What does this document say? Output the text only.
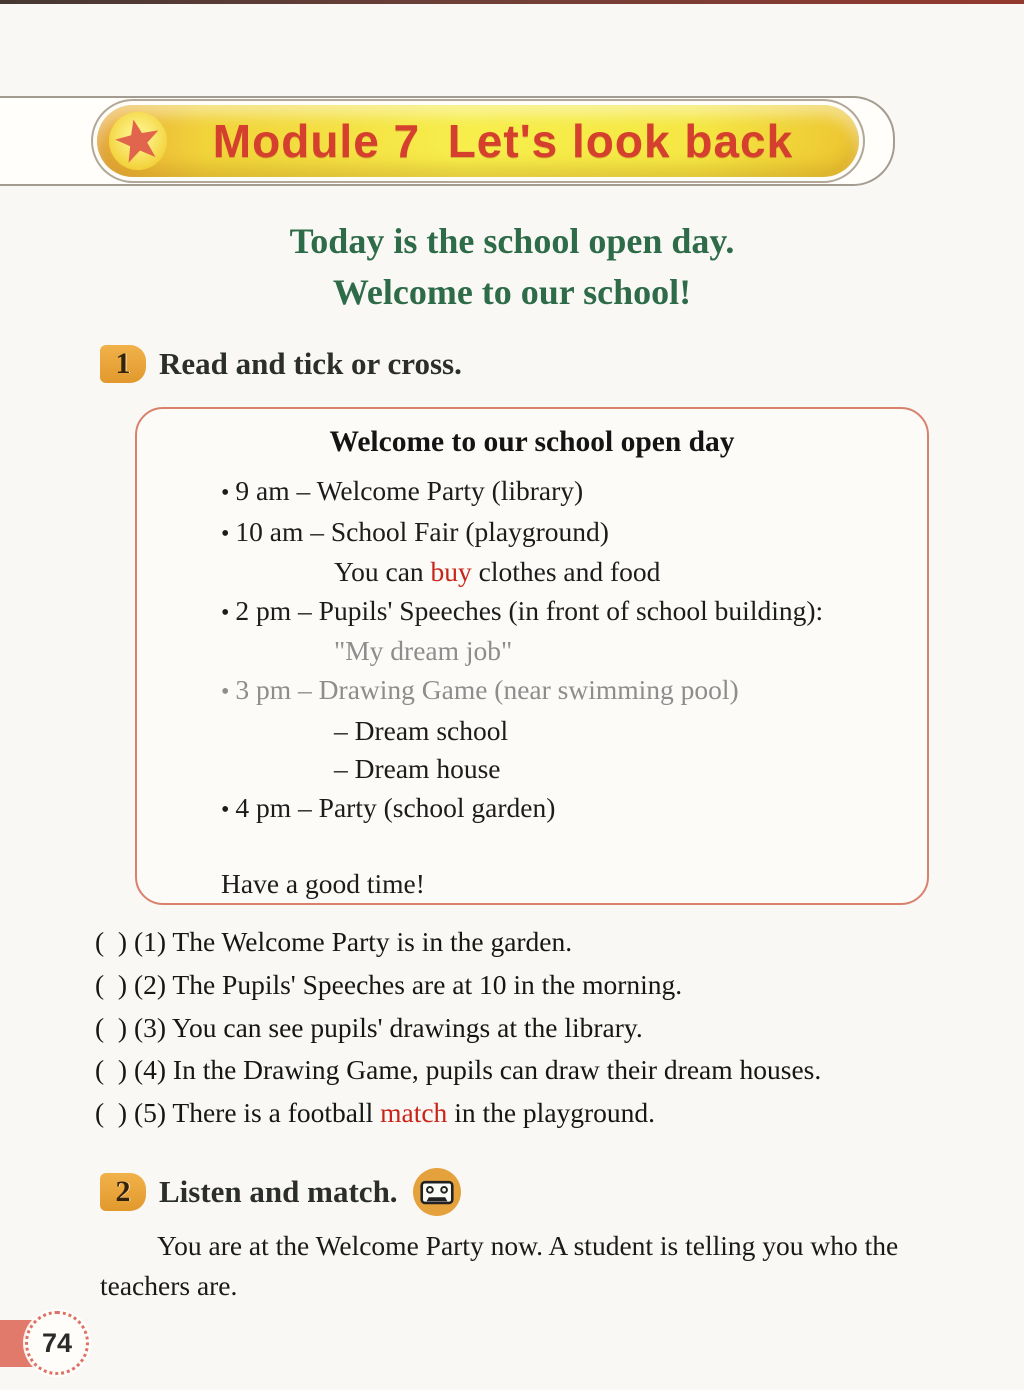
Module 7  Let's look back
Today is the school open day.
Welcome to our school!
1 Read and tick or cross.
Welcome to our school open day
• 9 am – Welcome Party (library)
• 10 am – School Fair (playground)
You can buy clothes and food
• 2 pm – Pupils' Speeches (in front of school building):
"My dream job"
• 3 pm – Drawing Game (near swimming pool)
– Dream school
– Dream house
• 4 pm – Party (school garden)
Have a good time!
(  ) (1) The Welcome Party is in the garden.
(  ) (2) The Pupils' Speeches are at 10 in the morning.
(  ) (3) You can see pupils' drawings at the library.
(  ) (4) In the Drawing Game, pupils can draw their dream houses.
(  ) (5) There is a football match in the playground.
2 Listen and match.
You are at the Welcome Party now. A student is telling you who the
teachers are.
74
